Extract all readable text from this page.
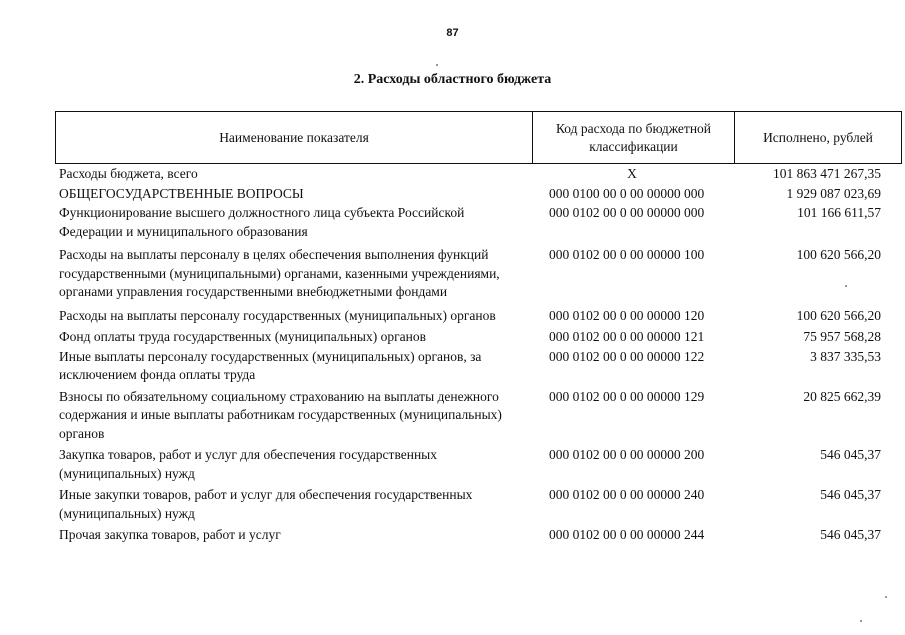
87
2. Расходы областного бюджета
Наименование показателя
Код расхода по бюджетной классификации
Исполнено, рублей
Расходы бюджета, всего	X	101 863 471 267,35
ОБЩЕГОСУДАРСТВЕННЫЕ ВОПРОСЫ	000 0100 00 0 00 00000 000	1 929 087 023,69
Функционирование высшего должностного лица субъекта Российской Федерации и муниципального образования
000 0102 00 0 00 00000 000	101 166 611,57
Расходы на выплаты персоналу в целях обеспечения выполнения функций государственными (муниципальными) органами, казенными учреждениями, органами управления государственными внебюджетными фондами
000 0102 00 0 00 00000 100	100 620 566,20
Расходы на выплаты персоналу государственных (муниципальных) органов	000 0102 00 0 00 00000 120	100 620 566,20
Фонд оплаты труда государственных (муниципальных) органов	000 0102 00 0 00 00000 121	75 957 568,28
Иные выплаты персоналу государственных (муниципальных) органов, за исключением фонда оплаты труда
000 0102 00 0 00 00000 122	3 837 335,53
Взносы по обязательному социальному страхованию на выплаты денежного содержания и иные выплаты работникам государственных (муниципальных) органов
000 0102 00 0 00 00000 129	20 825 662,39
Закупка товаров, работ и услуг для обеспечения государственных (муниципальных) нужд
000 0102 00 0 00 00000 200	546 045,37
Иные закупки товаров, работ и услуг для обеспечения государственных (муниципальных) нужд
000 0102 00 0 00 00000 240	546 045,37
Прочая закупка товаров, работ и услуг	000 0102 00 0 00 00000 244	546 045,37
